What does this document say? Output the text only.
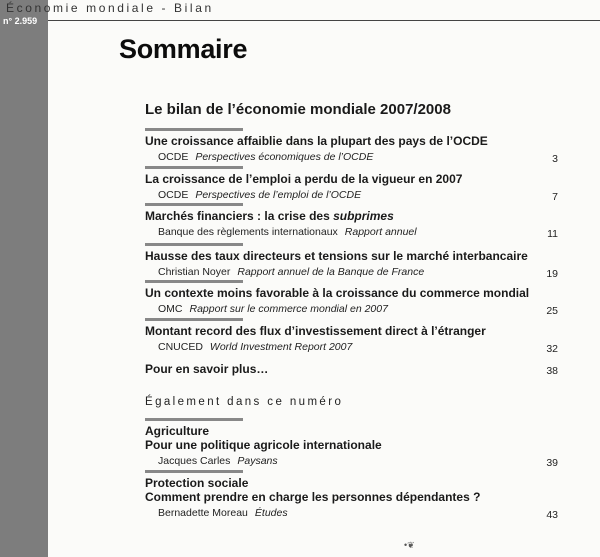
n° 2.959
Économie mondiale - Bilan
Sommaire
Le bilan de l’économie mondiale 2007/2008
Une croissance affaiblie dans la plupart des pays de l’OCDE
OCDE Perspectives économiques de l’OCDE	3
La croissance de l’emploi a perdu de la vigueur en 2007
OCDE Perspectives de l’emploi de l’OCDE	7
Marchés financiers : la crise des subprimes
Banque des règlements internationaux Rapport annuel	11
Hausse des taux directeurs et tensions sur le marché interbancaire
Christian Noyer Rapport annuel de la Banque de France	19
Un contexte moins favorable à la croissance du commerce mondial
OMC Rapport sur le commerce mondial en 2007	25
Montant record des flux d’investissement direct à l’étranger
CNUCED World Investment Report 2007	32
Pour en savoir plus…	38
Également dans ce numéro
Agriculture
Pour une politique agricole internationale
Jacques Carles Paysans	39
Protection sociale
Comment prendre en charge les personnes dépendantes ?
Bernadette Moreau Études	43
•❦
